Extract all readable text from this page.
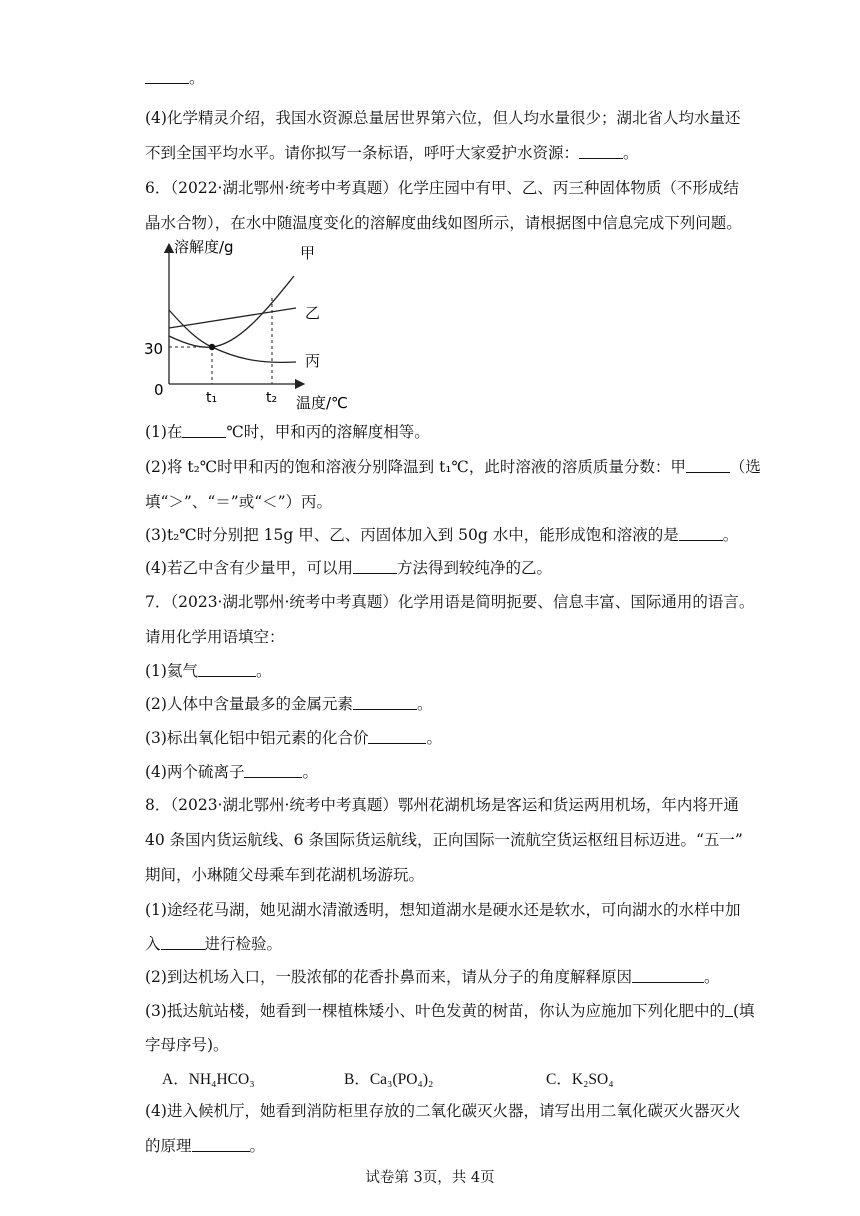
。
(4)化学精灵介绍，我国水资源总量居世界第六位，但人均水量很少；湖北省人均水量还
不到全国平均水平。请你拟写一条标语，呼吁大家爱护水资源：	。
6．（2022·湖北鄂州·统考中考真题）化学庄园中有甲、乙、丙三种固体物质（不形成结
晶水合物），在水中随温度变化的溶解度曲线如图所示，请根据图中信息完成下列问题。
溶解度/g
温度/℃
30
0	t₁	t₂
甲
乙
丙
(1)在	℃时，甲和丙的溶解度相等。
(2)将 t₂℃时甲和丙的饱和溶液分别降温到 t₁℃，此时溶液的溶质质量分数：甲	（选
填“＞”、“＝”或“＜”）丙。
(3)t₂℃时分别把 15g 甲、乙、丙固体加入到 50g 水中，能形成饱和溶液的是	。
(4)若乙中含有少量甲，可以用	方法得到较纯净的乙。
7．（2023·湖北鄂州·统考中考真题）化学用语是简明扼要、信息丰富、国际通用的语言。
请用化学用语填空：
(1)氦气	。
(2)人体中含量最多的金属元素	。
(3)标出氧化铝中铝元素的化合价	。
(4)两个硫离子	。
8．（2023·湖北鄂州·统考中考真题）鄂州花湖机场是客运和货运两用机场，年内将开通
40 条国内货运航线、6 条国际货运航线，正向国际一流航空货运枢纽目标迈进。“五一”
期间，小琳随父母乘车到花湖机场游玩。
(1)途经花马湖，她见湖水清澈透明，想知道湖水是硬水还是软水，可向湖水的水样中加
入	进行检验。
(2)到达机场入口，一股浓郁的花香扑鼻而来，请从分子的角度解释原因	。
(3)抵达航站楼，她看到一棵植株矮小、叶色发黄的树苗，你认为应施加下列化肥中的 (填
字母序号)。
A．NH₄HCO₃	B．Ca₃(PO₄)₂	C．K₂SO₄
(4)进入候机厅，她看到消防柜里存放的二氧化碳灭火器，请写出用二氧化碳灭火器灭火
的原理	。
试卷第 3页，共 4页
